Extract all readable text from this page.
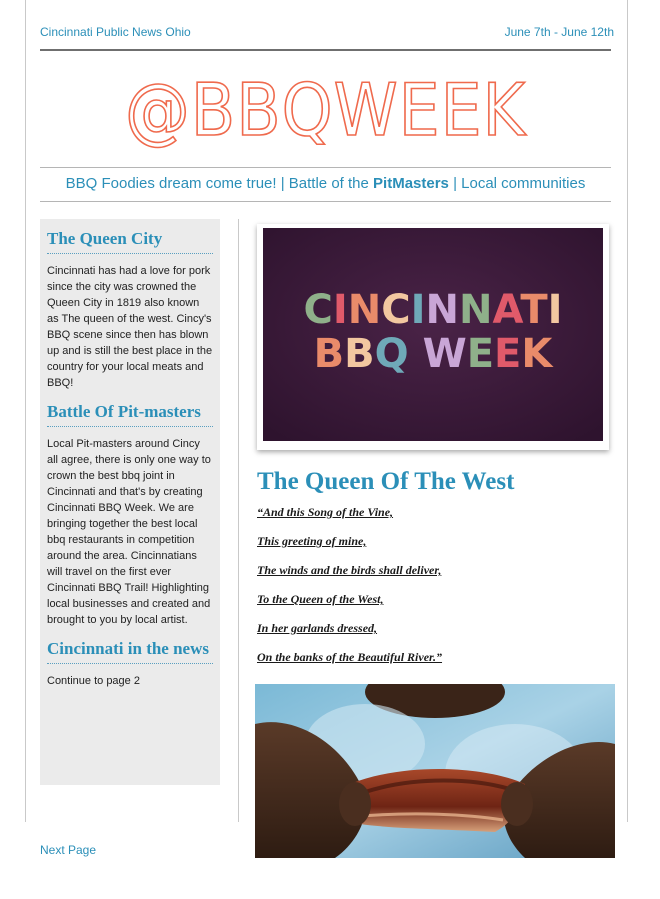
Cincinnati Public News Ohio	June 7th - June 12th
@BBQWEEK
BBQ Foodies dream come true! | Battle of the PitMasters | Local communities
The Queen City
Cincinnati has had a love for pork since the city was crowned the Queen City in 1819 also known as The queen of the west. Cincy's BBQ scene since then has blown up and is still the best place in the country for your local meats and BBQ!
Battle Of Pit-masters
Local Pit-masters around Cincy all agree, there is only one way to crown the best bbq joint in Cincinnati and that's by creating Cincinnati BBQ Week. We are bringing together the best local bbq restaurants in competition around the area. Cincinnatians will travel on the first ever Cincinnati BBQ Trail! Highlighting local businesses and created and brought to you by local artist.
Cincinnati in the news
Continue to page 2
CINCINNATI
BBQ WEEK
The Queen Of The West
“And this Song of the Vine,
This greeting of mine,
The winds and the birds shall deliver,
To the Queen of the West,
In her garlands dressed,
On the banks of the Beautiful River.”
Next Page
